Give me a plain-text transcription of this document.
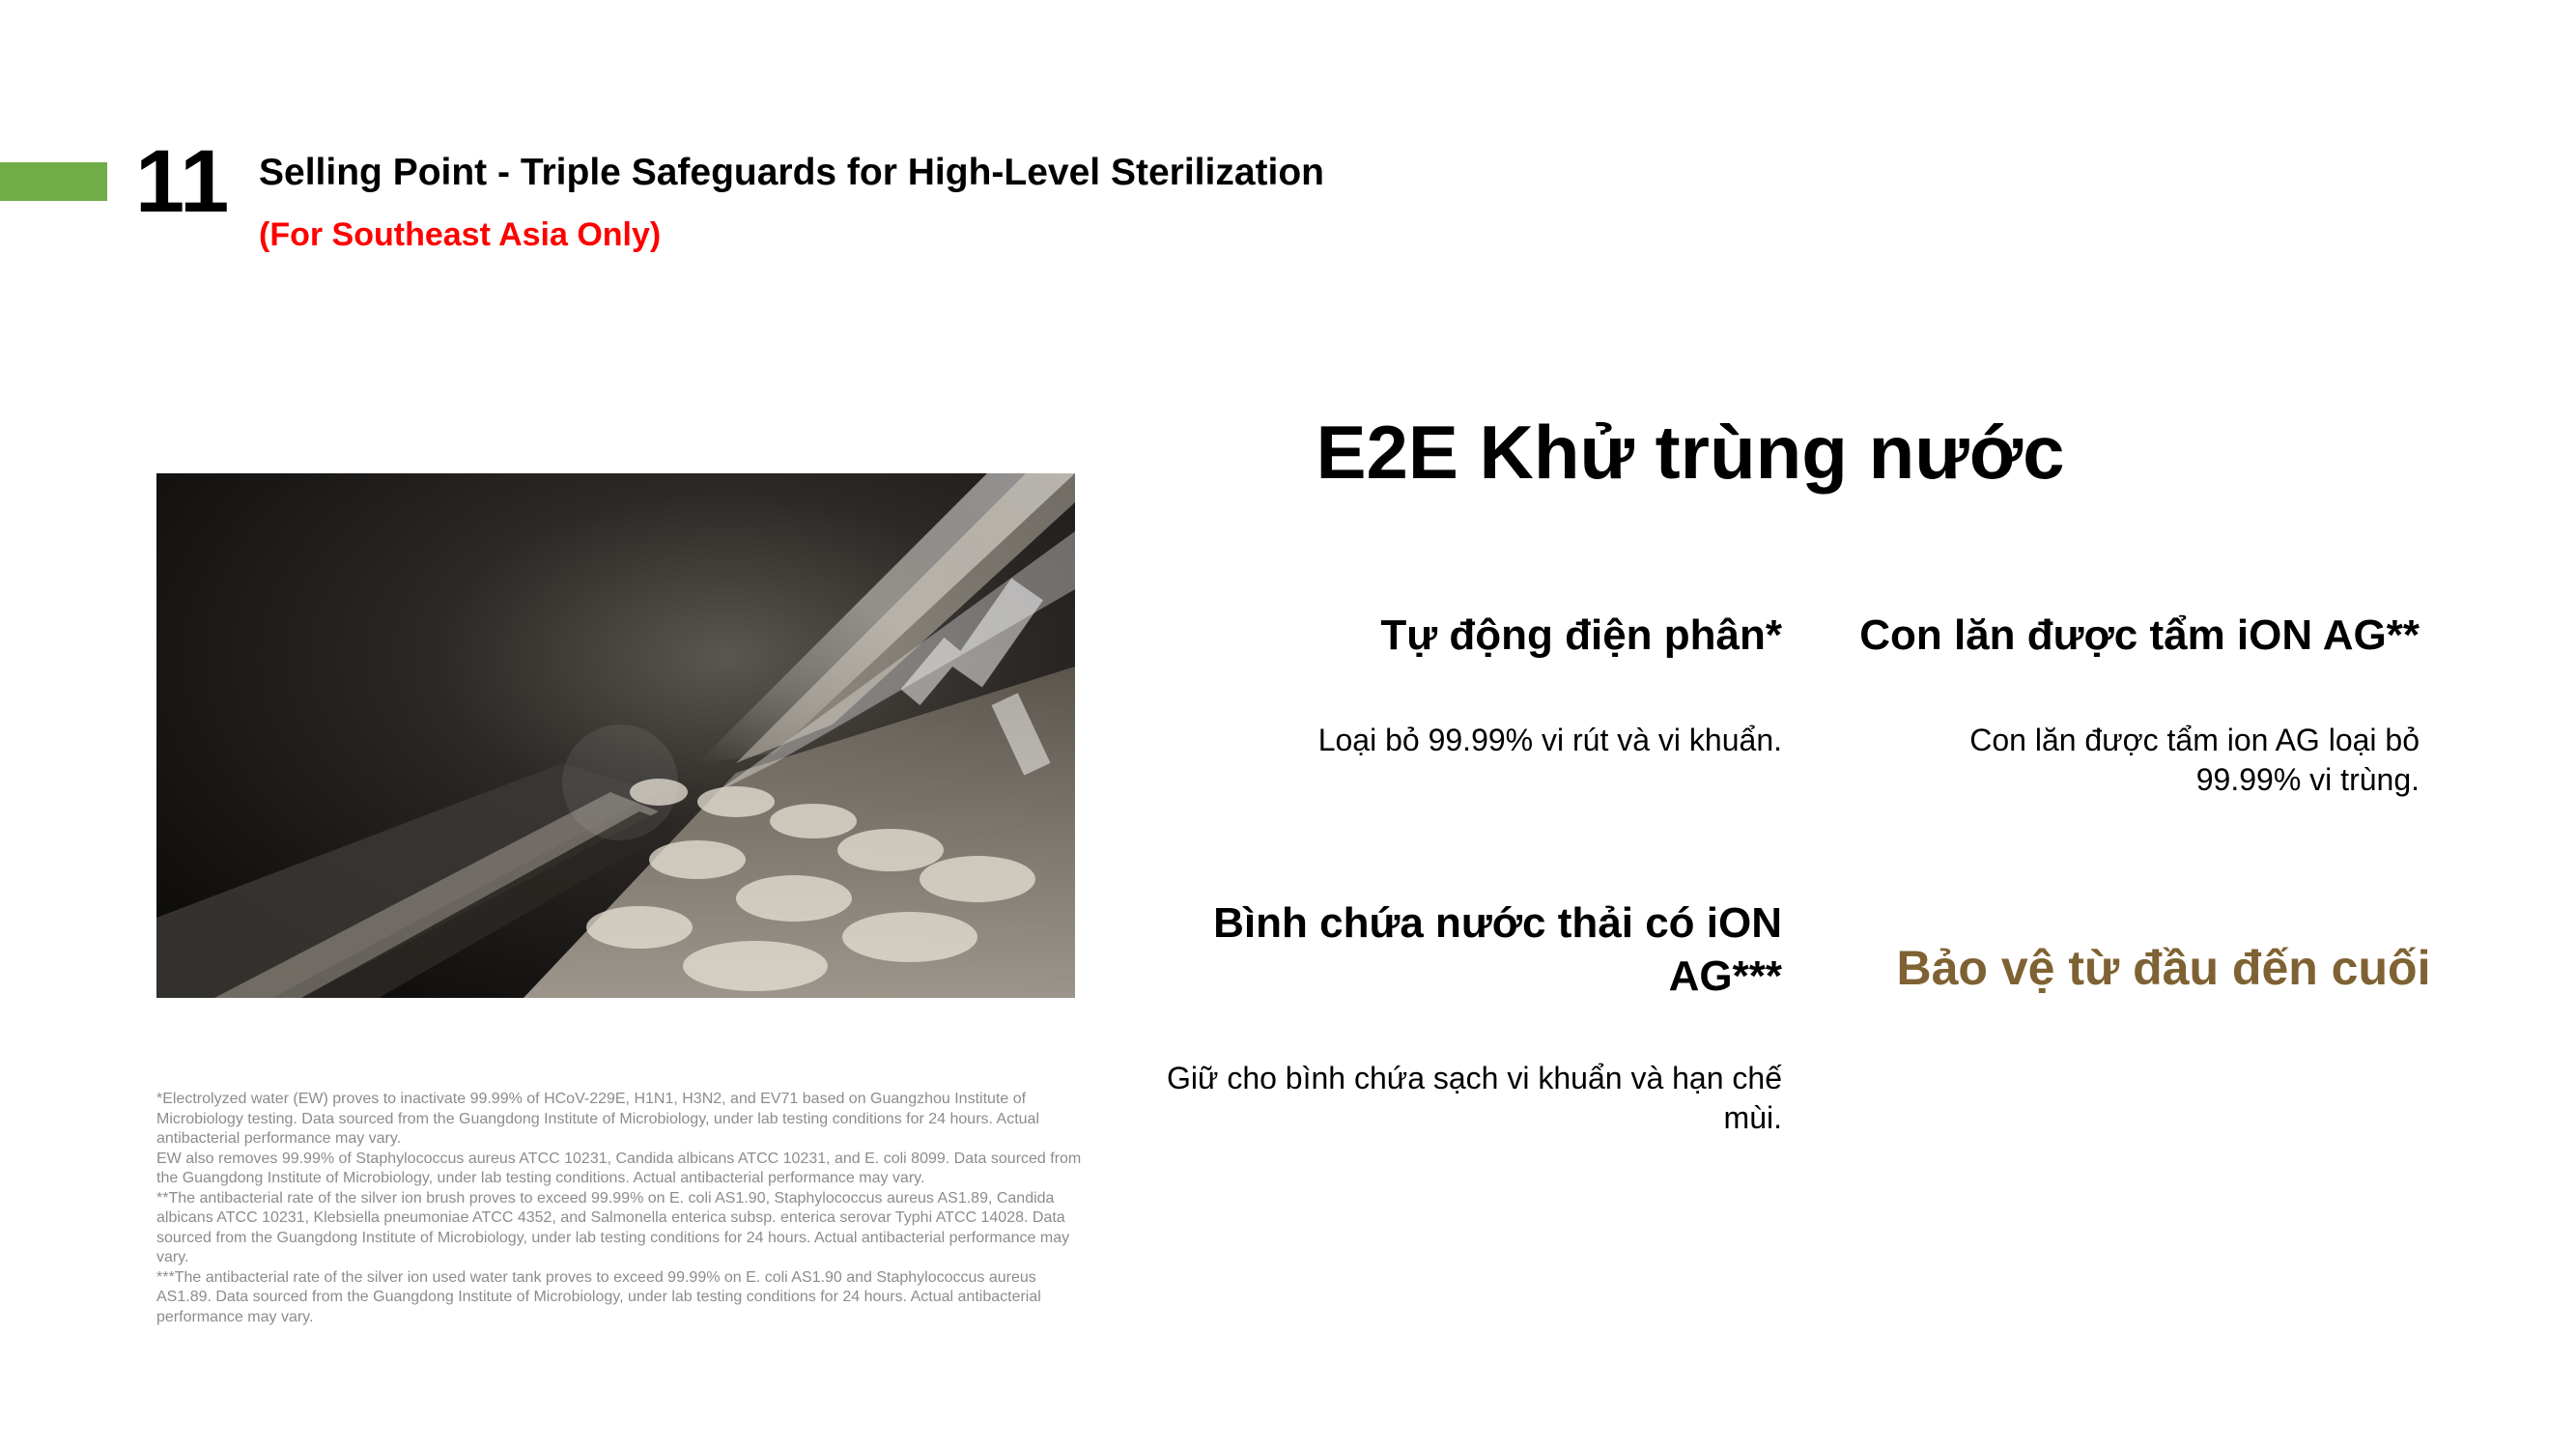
11 Selling Point - Triple Safeguards for High-Level Sterilization
(For Southeast Asia Only)
E2E Khử trùng nước
Tự động điện phân*
Loại bỏ 99.99% vi rút và vi khuẩn.
Con lăn được tẩm iON AG**
Con lăn được tẩm ion AG loại bỏ 99.99% vi trùng.
Bình chứa nước thải có iON AG***
Giữ cho bình chứa sạch vi khuẩn và hạn chế mùi.
Bảo vệ từ đầu đến cuối

*Electrolyzed water (EW) proves to inactivate 99.99% of HCoV-229E, H1N1, H3N2, and EV71 based on Guangzhou Institute of Microbiology testing. Data sourced from the Guangdong Institute of Microbiology, under lab testing conditions for 24 hours. Actual antibacterial performance may vary.

EW also removes 99.99% of Staphylococcus aureus ATCC 10231, Candida albicans ATCC 10231, and E. coli 8099. Data sourced from the Guangdong Institute of Microbiology, under lab testing conditions. Actual antibacterial performance may vary.

**The antibacterial rate of the silver ion brush proves to exceed 99.99% on E. coli AS1.90, Staphylococcus aureus AS1.89, Candida albicans ATCC 10231, Klebsiella pneumoniae ATCC 4352, and Salmonella enterica subsp. enterica serovar Typhi ATCC 14028. Data sourced from the Guangdong Institute of Microbiology, under lab testing conditions for 24 hours. Actual antibacterial performance may vary.

***The antibacterial rate of the silver ion used water tank proves to exceed 99.99% on E. coli AS1.90 and Staphylococcus aureus AS1.89. Data sourced from the Guangdong Institute of Microbiology, under lab testing conditions for 24 hours. Actual antibacterial performance may vary.
